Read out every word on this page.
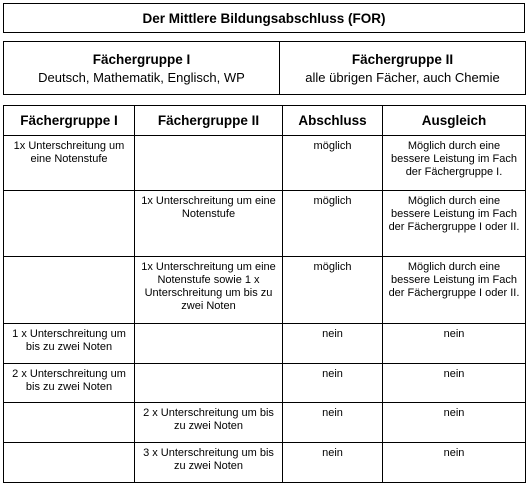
Der Mittlere Bildungsabschluss (FOR)
Fächergruppe I
Deutsch, Mathematik, Englisch, WP

Fächergruppe II
alle übrigen Fächer, auch Chemie
Fächergruppe I	Fächergruppe II	Abschluss	Ausgleich
1x Unterschreitung um eine Notenstufe		möglich	Möglich durch eine bessere Leistung im Fach der Fächergruppe I.
	1x Unterschreitung um eine Notenstufe	möglich	Möglich durch eine bessere Leistung im Fach der Fächergruppe I oder II.
	1x Unterschreitung um eine Notenstufe sowie 1 x Unterschreitung um bis zu zwei Noten	möglich	Möglich durch eine bessere Leistung im Fach der Fächergruppe I oder II.
1 x Unterschreitung um bis zu zwei Noten		nein	nein
2 x Unterschreitung um bis zu zwei Noten		nein	nein
	2 x Unterschreitung um bis zu zwei Noten	nein	nein
	3 x Unterschreitung um bis zu zwei Noten	nein	nein
